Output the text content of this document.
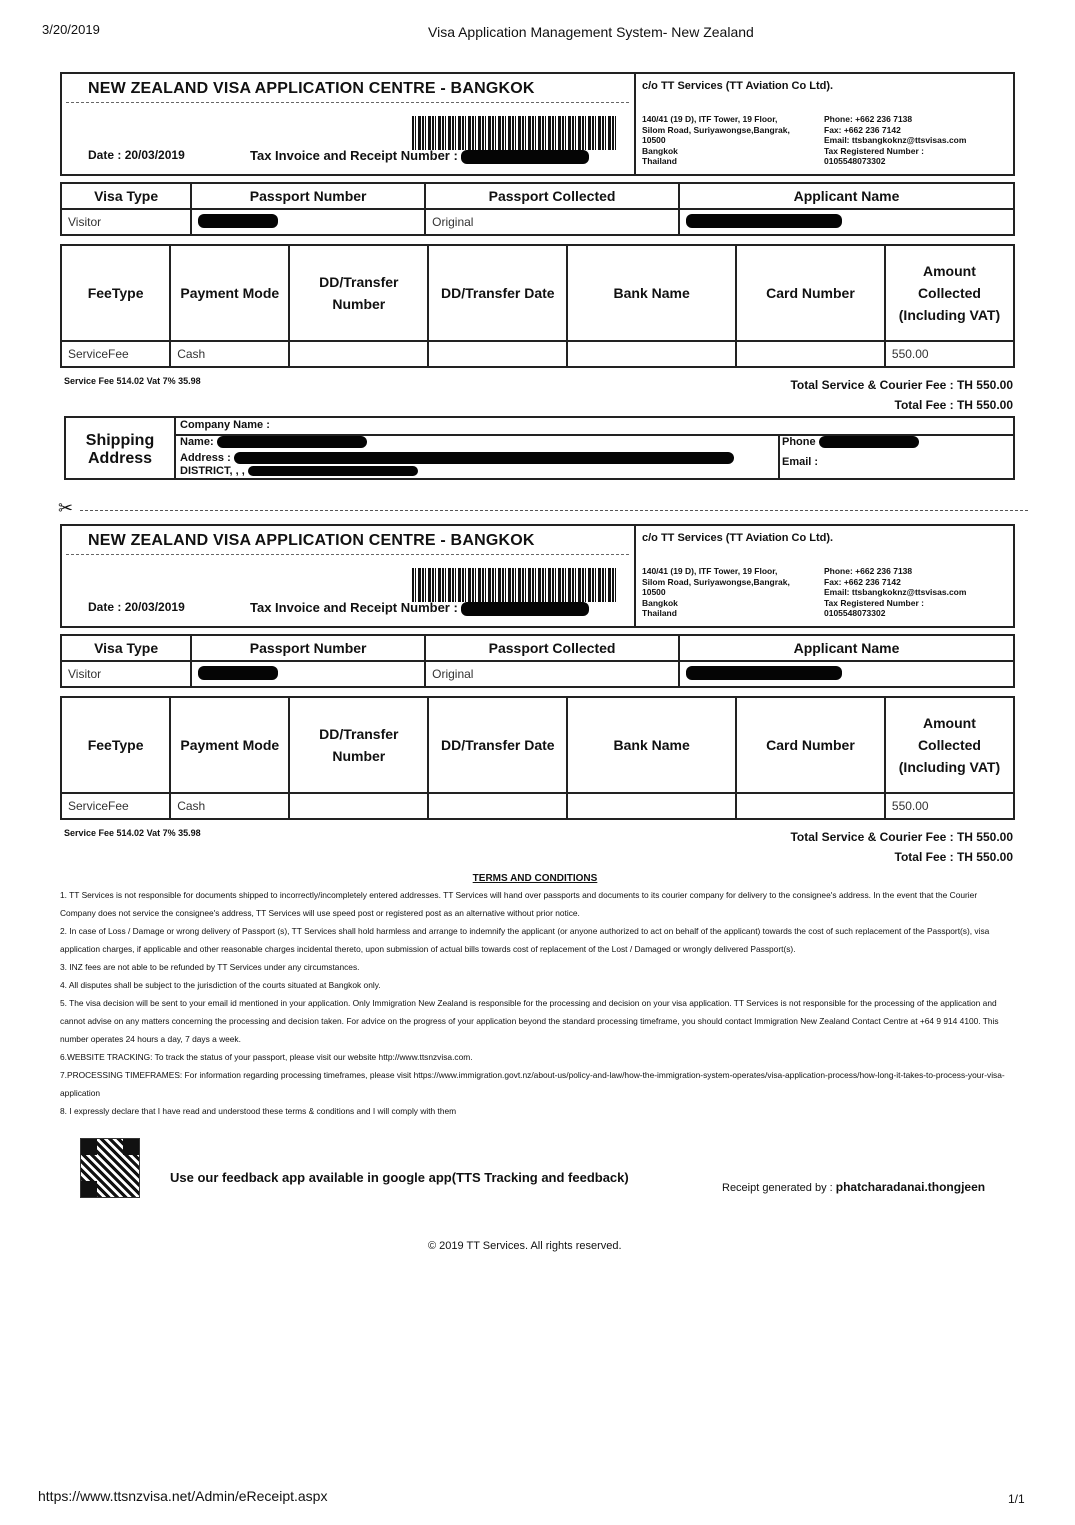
3/20/2019	Visa Application Management System- New Zealand
NEW ZEALAND VISA APPLICATION CENTRE - BANGKOK
Date : 20/03/2019	Tax Invoice and Receipt Number :
c/o TT Services (TT Aviation Co Ltd).
140/41 (19 D), ITF Tower, 19 Floor,
Silom Road, Suriyawongse,Bangrak,
10500
Bangkok
Thailand
Phone: +662 236 7138
Fax: +662 236 7142
Email: ttsbangkoknz@ttsvisas.com
Tax Registered Number :
0105548073302
Visa Type	Passport Number	Passport Collected	Applicant Name
Visitor		Original	
FeeType	Payment Mode	DD/Transfer Number	DD/Transfer Date	Bank Name	Card Number	Amount Collected (Including VAT)
ServiceFee	Cash					550.00
Service Fee 514.02 Vat 7% 35.98	Total Service & Courier Fee : TH 550.00
Total Fee : TH 550.00
Shipping Address
Company Name :
Name:
Address :
DISTRICT, , ,
Phone
Email :
✂
NEW ZEALAND VISA APPLICATION CENTRE - BANGKOK
Date : 20/03/2019	Tax Invoice and Receipt Number :
c/o TT Services (TT Aviation Co Ltd).
140/41 (19 D), ITF Tower, 19 Floor,
Silom Road, Suriyawongse,Bangrak,
10500
Bangkok
Thailand
Phone: +662 236 7138
Fax: +662 236 7142
Email: ttsbangkoknz@ttsvisas.com
Tax Registered Number :
0105548073302
Visa Type	Passport Number	Passport Collected	Applicant Name
Visitor		Original	
FeeType	Payment Mode	DD/Transfer Number	DD/Transfer Date	Bank Name	Card Number	Amount Collected (Including VAT)
ServiceFee	Cash					550.00
Service Fee 514.02 Vat 7% 35.98	Total Service & Courier Fee : TH 550.00
Total Fee : TH 550.00
TERMS AND CONDITIONS

1. TT Services is not responsible for documents shipped to incorrectly/incompletely entered addresses. TT Services will hand over passports and documents to its courier company for delivery to the consignee's address. In the event that the Courier Company does not service the consignee's address, TT Services will use speed post or registered post as an alternative without prior notice.

2. In case of Loss / Damage or wrong delivery of Passport (s), TT Services shall hold harmless and arrange to indemnify the applicant (or anyone authorized to act on behalf of the applicant) towards the cost of such replacement of the Passport(s), visa application charges, if applicable and other reasonable charges incidental thereto, upon submission of actual bills towards cost of replacement of the Lost / Damaged or wrongly delivered Passport(s).

3. INZ fees are not able to be refunded by TT Services under any circumstances.

4. All disputes shall be subject to the jurisdiction of the courts situated at Bangkok only.

5. The visa decision will be sent to your email id mentioned in your application. Only Immigration New Zealand is responsible for the processing and decision on your visa application. TT Services is not responsible for the processing of the application and cannot advise on any matters concerning the processing and decision taken. For advice on the progress of your application beyond the standard processing timeframe, you should contact Immigration New Zealand Contact Centre at +64 9 914 4100. This number operates 24 hours a day, 7 days a week.

6.WEBSITE TRACKING: To track the status of your passport, please visit our website http://www.ttsnzvisa.com.

7.PROCESSING TIMEFRAMES: For information regarding processing timeframes, please visit https://www.immigration.govt.nz/about-us/policy-and-law/how-the-immigration-system-operates/visa-application-process/how-long-it-takes-to-process-your-visa-application

8. I expressly declare that I have read and understood these terms & conditions and I will comply with them

Use our feedback app available in google app(TTS Tracking and feedback)
Receipt generated by : phatcharadanai.thongjeen
© 2019 TT Services. All rights reserved.
https://www.ttsnzvisa.net/Admin/eReceipt.aspx	1/1
